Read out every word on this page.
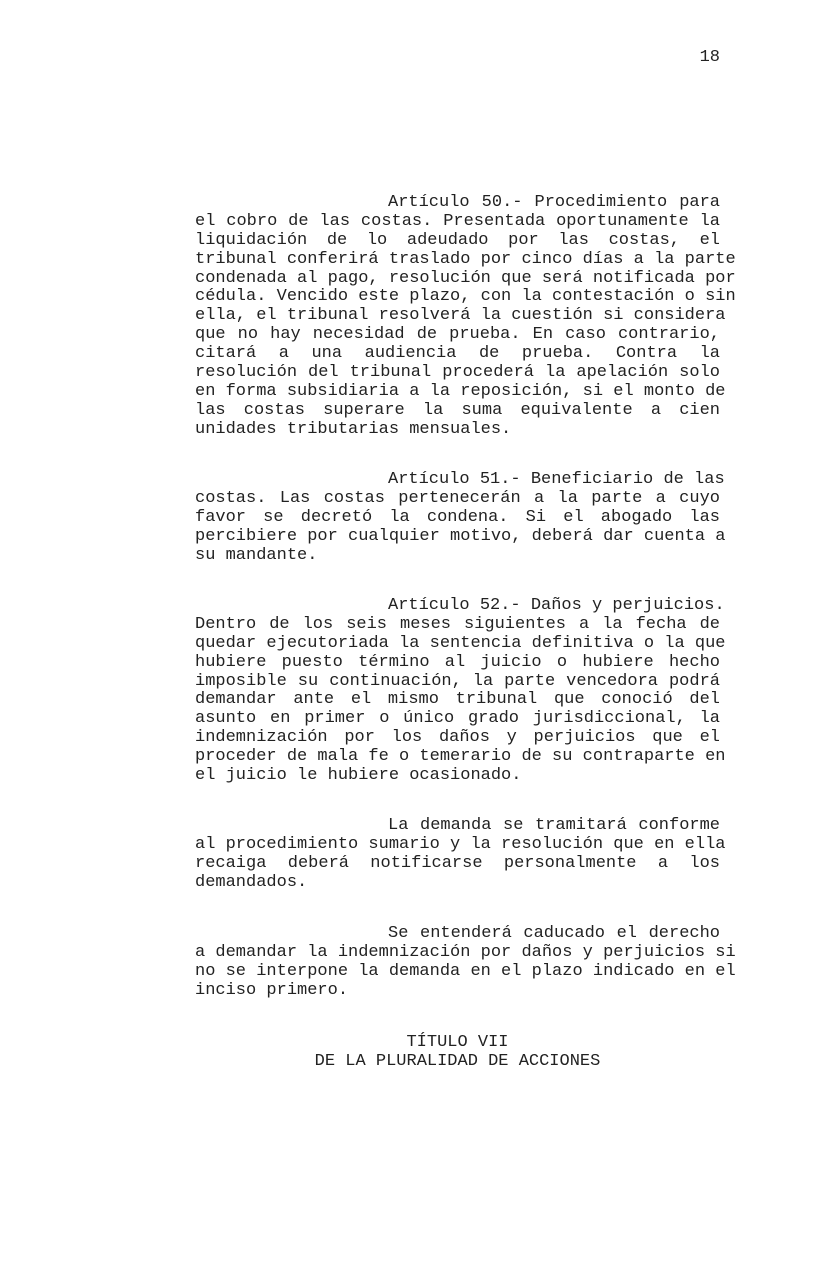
18
Artículo 50.- Procedimiento para
el cobro de las costas. Presentada oportunamente la
liquidación de lo adeudado por las costas, el
tribunal conferirá traslado por cinco días a la parte
condenada al pago, resolución que será notificada por
cédula. Vencido este plazo, con la contestación o sin
ella, el tribunal resolverá la cuestión si considera
que no hay necesidad de prueba. En caso contrario,
citará a una audiencia de prueba. Contra la
resolución del tribunal procederá la apelación solo
en forma subsidiaria a la reposición, si el monto de
las costas superare la suma equivalente a cien
unidades tributarias mensuales.
Artículo 51.- Beneficiario de las
costas. Las costas pertenecerán a la parte a cuyo
favor se decretó la condena. Si el abogado las
percibiere por cualquier motivo, deberá dar cuenta a
su mandante.
Artículo 52.- Daños y perjuicios.
Dentro de los seis meses siguientes a la fecha de
quedar ejecutoriada la sentencia definitiva o la que
hubiere puesto término al juicio o hubiere hecho
imposible su continuación, la parte vencedora podrá
demandar ante el mismo tribunal que conoció del
asunto en primer o único grado jurisdiccional, la
indemnización por los daños y perjuicios que el
proceder de mala fe o temerario de su contraparte en
el juicio le hubiere ocasionado.
La demanda se tramitará conforme
al procedimiento sumario y la resolución que en ella
recaiga deberá notificarse personalmente a los
demandados.
Se entenderá caducado el derecho
a demandar la indemnización por daños y perjuicios si
no se interpone la demanda en el plazo indicado en el
inciso primero.
TÍTULO VII
DE LA PLURALIDAD DE ACCIONES
